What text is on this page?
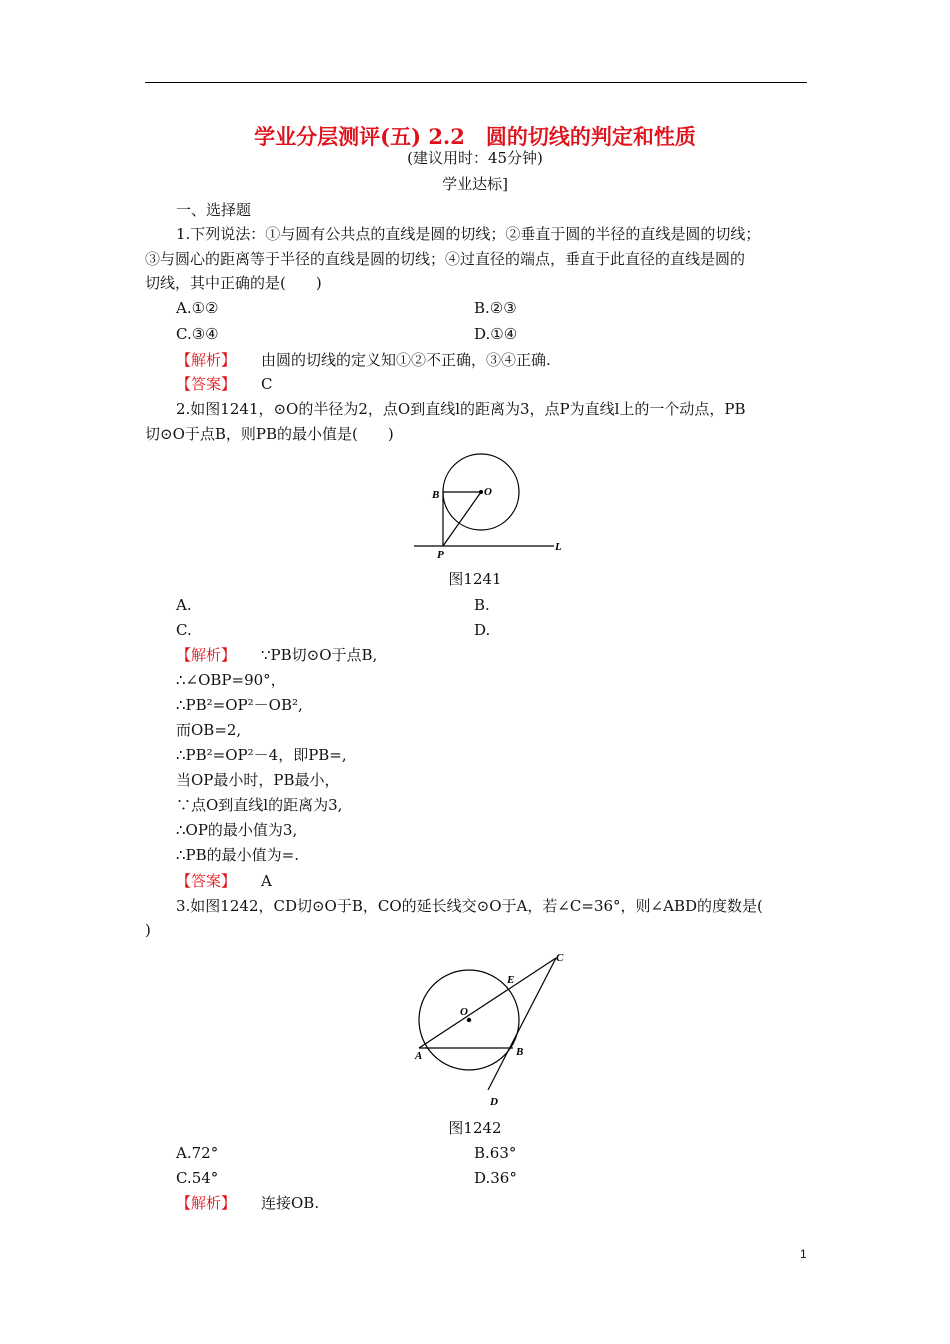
学业分层测评(五) 2.2　圆的切线的判定和性质
(建议用时：45分钟)
学业达标]
一、选择题
1.下列说法：①与圆有公共点的直线是圆的切线；②垂直于圆的半径的直线是圆的切线；
③与圆心的距离等于半径的直线是圆的切线；④过直径的端点，垂直于此直径的直线是圆的
切线，其中正确的是(　　)
A.①②	B.②③
C.③④	D.①④
【解析】 由圆的切线的定义知①②不正确，③④正确.
【答案】 C
2.如图1241，⊙O的半径为2，点O到直线l的距离为3，点P为直线l上的一个动点，PB
切⊙O于点B，则PB的最小值是(　　)
B	O
P
L
图1241
A.	B.
C.	D.
【解析】 ∵PB切⊙O于点B,
∴∠OBP=90°，
∴PB²=OP²－OB²,
而OB=2,
∴PB²=OP²－4，即PB=,
当OP最小时，PB最小，
∵点O到直线l的距离为3,
∴OP的最小值为3,
∴PB的最小值为=.
【答案】 A
3.如图1242，CD切⊙O于B，CO的延长线交⊙O于A，若∠C=36°，则∠ABD的度数是(
)
C
E
O
A	B
D
图1242
A.72°	B.63°
C.54°	D.36°
【解析】 连接OB.
1
